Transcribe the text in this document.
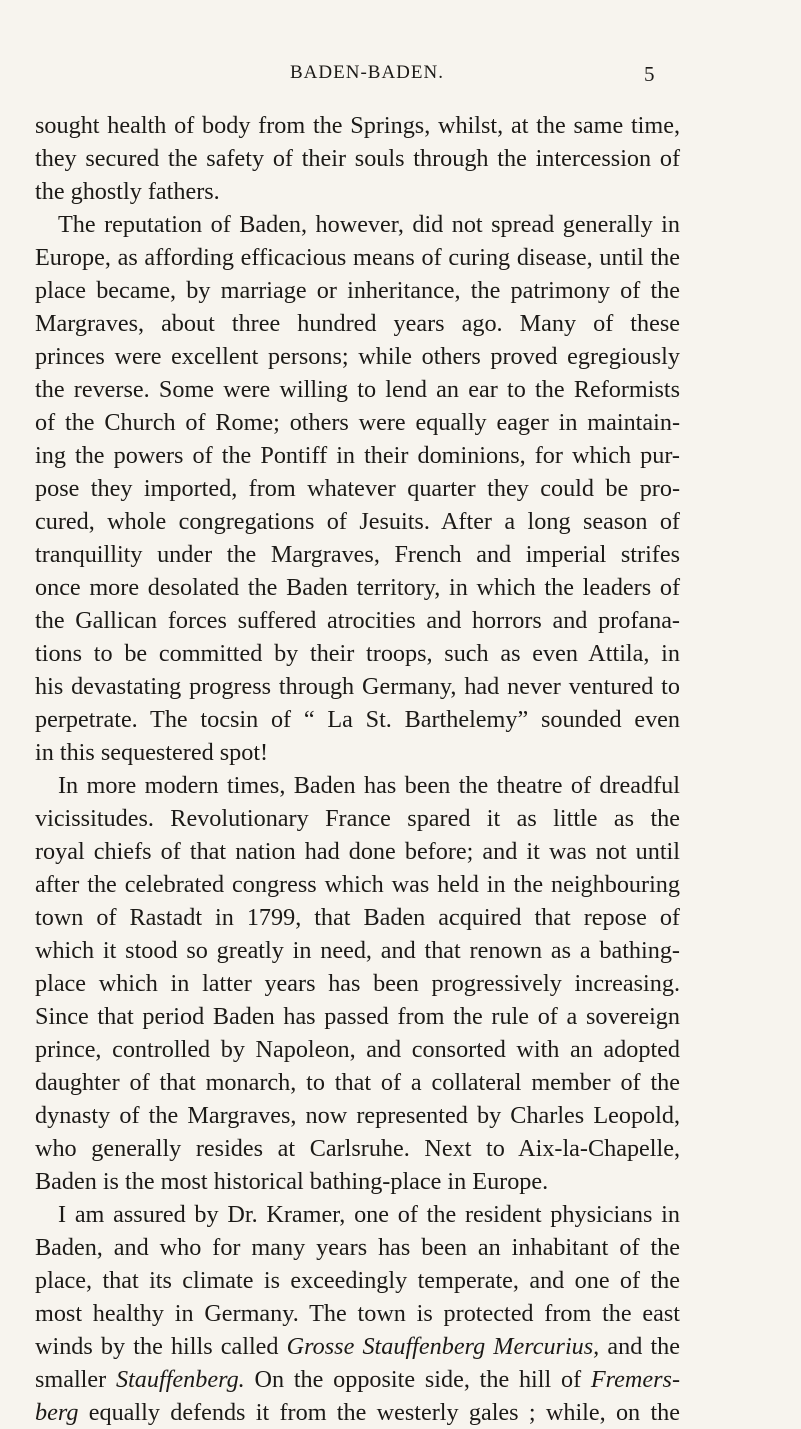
BADEN-BADEN.	5
sought health of body from the Springs, whilst, at the same time,
they secured the safety of their souls through the intercession of
the ghostly fathers.
The reputation of Baden, however, did not spread generally in
Europe, as affording efficacious means of curing disease, until the
place became, by marriage or inheritance, the patrimony of the
Margraves, about three hundred years ago. Many of these
princes were excellent persons; while others proved egregiously
the reverse. Some were willing to lend an ear to the Reformists
of the Church of Rome; others were equally eager in maintain-
ing the powers of the Pontiff in their dominions, for which pur-
pose they imported, from whatever quarter they could be pro-
cured, whole congregations of Jesuits. After a long season of
tranquillity under the Margraves, French and imperial strifes
once more desolated the Baden territory, in which the leaders of
the Gallican forces suffered atrocities and horrors and profana-
tions to be committed by their troops, such as even Attila, in
his devastating progress through Germany, had never ventured to
perpetrate. The tocsin of “ La St. Barthelemy” sounded even
in this sequestered spot!
In more modern times, Baden has been the theatre of dreadful
vicissitudes. Revolutionary France spared it as little as the
royal chiefs of that nation had done before; and it was not until
after the celebrated congress which was held in the neighbouring
town of Rastadt in 1799, that Baden acquired that repose of
which it stood so greatly in need, and that renown as a bathing-
place which in latter years has been progressively increasing.
Since that period Baden has passed from the rule of a sovereign
prince, controlled by Napoleon, and consorted with an adopted
daughter of that monarch, to that of a collateral member of the
dynasty of the Margraves, now represented by Charles Leopold,
who generally resides at Carlsruhe. Next to Aix-la-Chapelle,
Baden is the most historical bathing-place in Europe.
I am assured by Dr. Kramer, one of the resident physicians in
Baden, and who for many years has been an inhabitant of the
place, that its climate is exceedingly temperate, and one of the
most healthy in Germany. The town is protected from the east
winds by the hills called Grosse Stauffenberg Mercurius, and the
smaller Stauffenberg. On the opposite side, the hill of Fremers-
berg equally defends it from the westerly gales ; while, on the
